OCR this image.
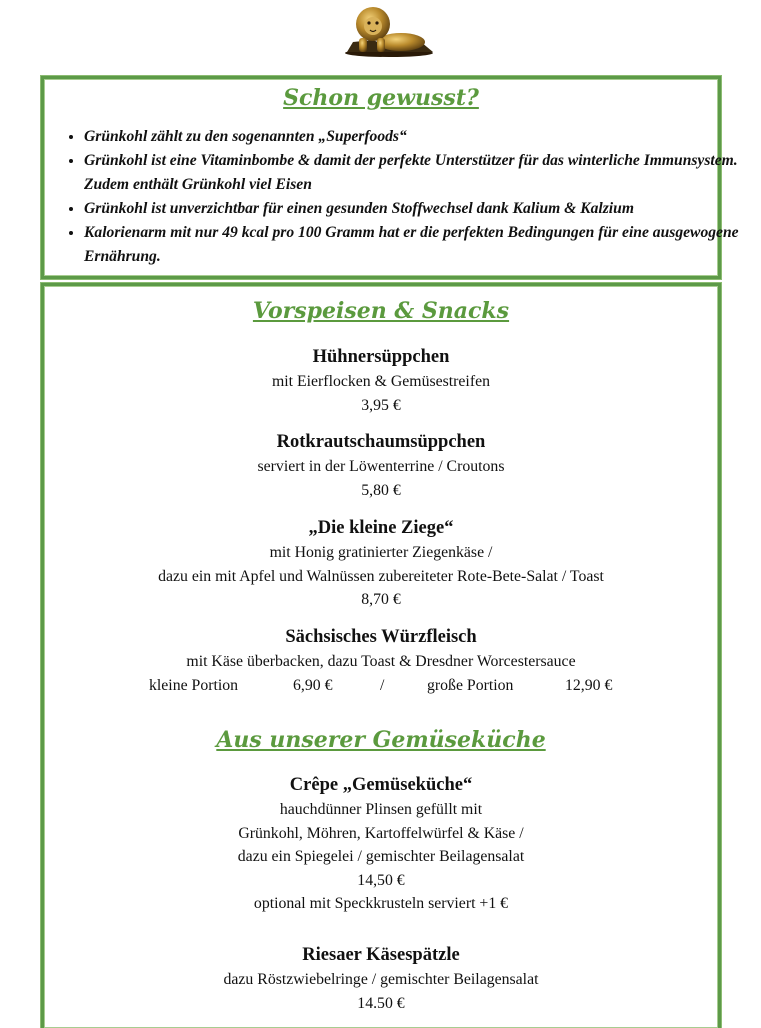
Schon gewusst?
• Grünkohl zählt zu den sogenannten „Superfoods“
• Grünkohl ist eine Vitaminbombe & damit der perfekte Unterstützer für das winterliche Immunsystem. Zudem enthält Grünkohl viel Eisen
• Grünkohl ist unverzichtbar für einen gesunden Stoffwechsel dank Kalium & Kalzium
• Kalorienarm mit nur 49 kcal pro 100 Gramm hat er die perfekten Bedingungen für eine ausgewogene Ernährung.
Vorspeisen & Snacks
Hühnersüppchen
mit Eierflocken & Gemüsestreifen
3,95 €
Rotkrautschaumsüppchen
serviert in der Löwenterrine / Croutons
5,80 €
„Die kleine Ziege“
mit Honig gratinierter Ziegenkäse /
dazu ein mit Apfel und Walnüssen zubereiteter Rote-Bete-Salat / Toast
8,70 €
Sächsisches Würzfleisch
mit Käse überbacken, dazu Toast & Dresdner Worcestersauce
kleine Portion	6,90 €	/	große Portion	12,90 €
Aus unserer Gemüseküche
Crêpe „Gemüseküche“
hauchdünner Plinsen gefüllt mit
Grünkohl, Möhren, Kartoffelwürfel & Käse /
dazu ein Spiegelei / gemischter Beilagensalat
14,50 €
optional mit Speckkrusteln serviert +1 €
Riesaer Käsespätzle
dazu Röstzwiebelringe / gemischter Beilagensalat
14.50 €
